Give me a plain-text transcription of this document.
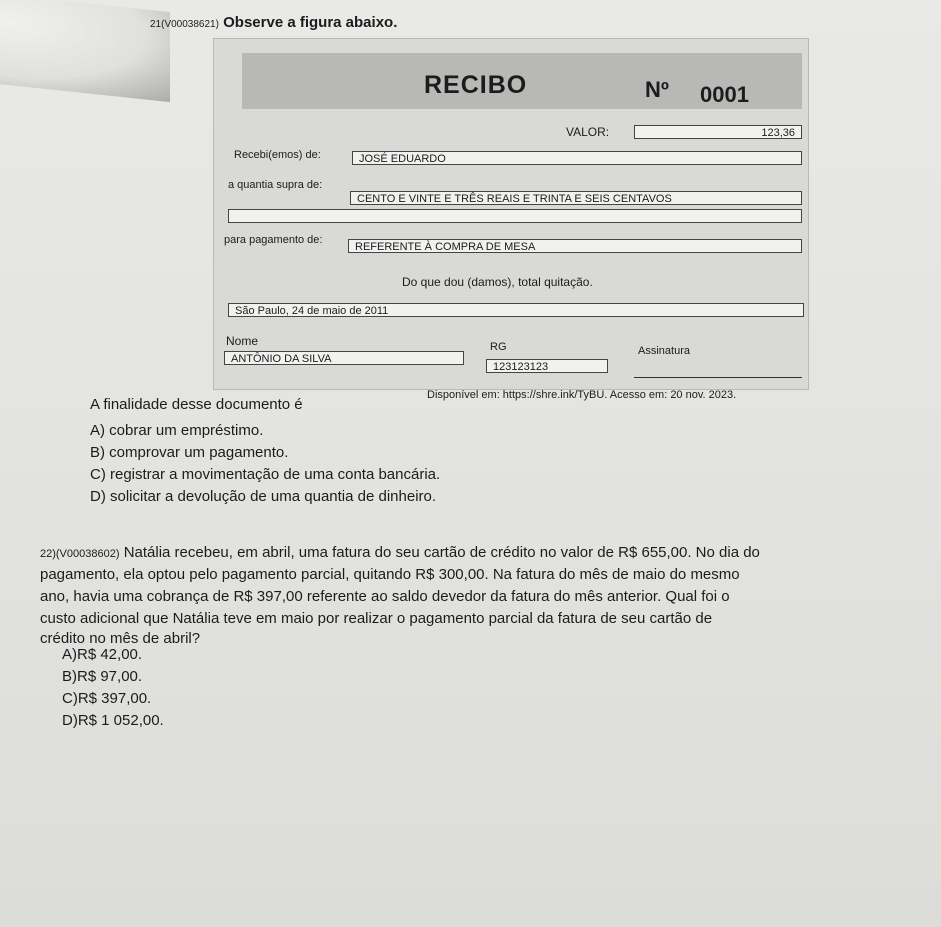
21(V00038621) Observe a figura abaixo.
RECIBO	Nº 0001
VALOR:	123,36
Recebi(emos) de:	JOSÉ EDUARDO
a quantia supra de:
CENTO E VINTE E TRÊS REAIS E TRINTA E SEIS CENTAVOS
para pagamento de:
REFERENTE À COMPRA DE MESA
Do que dou (damos), total quitação.
São Paulo, 24 de maio de 2011
Nome
ANTÔNIO DA SILVA
RG
123123123
Assinatura
Disponível em: https://shre.ink/TyBU. Acesso em: 20 nov. 2023.
A finalidade desse documento é
A) cobrar um empréstimo.
B) comprovar um pagamento.
C) registrar a movimentação de uma conta bancária.
D) solicitar a devolução de uma quantia de dinheiro.
22)(V00038602) Natália recebeu, em abril, uma fatura do seu cartão de crédito no valor de R$ 655,00. No dia do
pagamento, ela optou pelo pagamento parcial, quitando R$ 300,00. Na fatura do mês de maio do mesmo
ano, havia uma cobrança de R$ 397,00 referente ao saldo devedor da fatura do mês anterior. Qual foi o
custo adicional que Natália teve em maio por realizar o pagamento parcial da fatura de seu cartão de
crédito no mês de abril?
A)R$ 42,00.
B)R$ 97,00.
C)R$ 397,00.
D)R$ 1 052,00.
